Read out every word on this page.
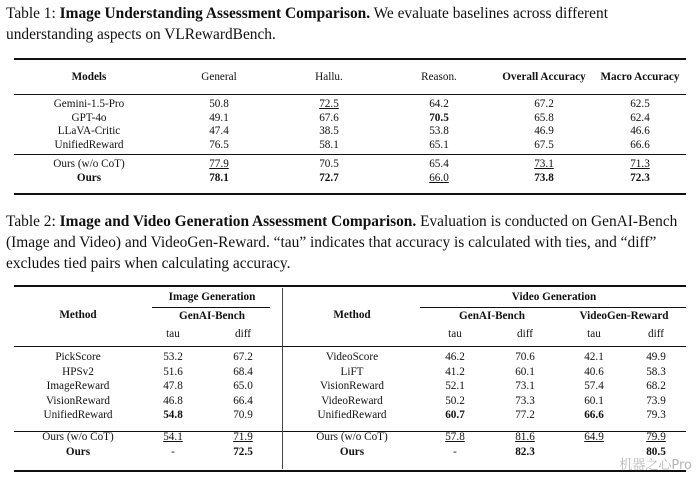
Table 1: Image Understanding Assessment Comparison. We evaluate baselines across different understanding aspects on VLRewardBench.

Models	General	Hallu.	Reason.	Overall Accuracy	Macro Accuracy

Gemini-1.5-Pro	50.8	72.5	64.2	67.2	62.5
GPT-4o	49.1	67.6	70.5	65.8	62.4
LLaVA-Critic	47.4	38.5	53.8	46.9	46.6
UnifiedReward	76.5	58.1	65.1	67.5	66.6

Ours (w/o CoT)	77.9	70.5	65.4	73.1	71.3
Ours	78.1	72.7	66.0	73.8	72.3

Table 2: Image and Video Generation Assessment Comparison. Evaluation is conducted on GenAI-Bench (Image and Video) and VideoGen-Reward. “tau” indicates that accuracy is calculated with ties, and “diff” excludes tied pairs when calculating accuracy.

Method	Image Generation		Method	Video Generation			
	GenAI-Bench			GenAI-Bench		VideoGen-Reward	
	tau	diff		tau	diff	tau	diff

PickScore	53.2	67.2	VideoScore	46.2	70.6	42.1	49.9
HPSv2	51.6	68.4	LiFT	41.2	60.1	40.6	58.3
ImageReward	47.8	65.0	VisionReward	52.1	73.1	57.4	68.2
VisionReward	46.8	66.4	VideoReward	50.2	73.3	60.1	73.9
UnifiedReward	54.8	70.9	UnifiedReward	60.7	77.2	66.6	79.3

Ours (w/o CoT)	54.1	71.9	Ours (w/o CoT)	57.8	81.6	64.9	79.9
Ours	-	72.5	Ours	-	82.3		80.5
机器之心Pro
